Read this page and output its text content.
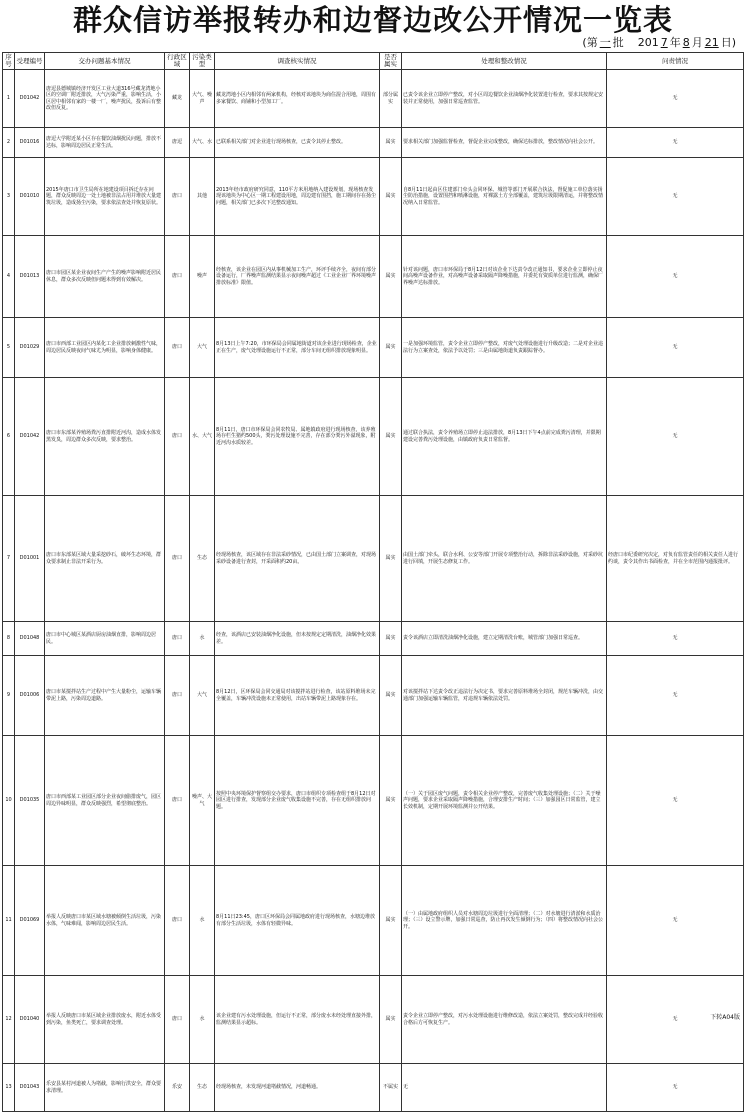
群众信访举报转办和边督边改公开情况一览表
(第 一 批 201 7 年 8 月 21 日)
序号	受理编号	交办问题基本情况	行政区域	污染类型	调查核实情况	是否属实	处理和整改情况	问责情况
1	D01042	唐逗县德城镇经济开发区工业大道316号藏龙湾地小区的空调厂附近排放，大气污染严重，影响生活，小区居中相邻有家的一楼一厂，噪声扰民，投诉后有整改但反复。	藏龙	大气、噪声	藏龙湾地小区内相邻有两家机构，经核对该地块为商住混合用地，周围有多家餐饮、商铺和小型加工厂。	部分属实	已责令该企业立即停产整改，对小区周边餐饮企业油烟净化装置进行检查，要求其按规定安装并正常使用，加强日常巡查监管。	无
2	D01016	唐逗大学附近某小区存在餐饮油烟扰民问题，排放不达标，影响周边居民正常生活。	唐逗	大气、水	已联系相关部门对企业进行现场核查，已责令其停止整改。	属实	要求相关部门加强监督检查，督促企业完成整改，确保达标排放，整改情况向社会公开。	无
3	D01010	2015年唐口市卫生局所在地建设项目拆迁存在问题，群众反映周边一处土地被非法占用并堆放大量建筑垃圾，造成扬尘污染，要求依法查处并恢复原状。	唐口	其他	2013年经市政府研究同意，110平方米用地纳入建设规划，现场核查发现该地块为中心区一期工程建设用地，周边建有围挡，施工期间存在扬尘问题，相关部门已多次下达整改通知。	属实	自8月11日起由区住建部门牵头会同环保、城管等部门开展联合执法，督促施工单位落实扬尘防治措施，设置围挡和喷淋设施，对裸露土方全部覆盖，建筑垃圾限期清运，并将整改情况纳入日常监管。	无
4	D01013	唐口市园区某企业夜间生产产生的噪声影响附近居民休息，群众多次反映但问题未得到有效解决。	唐口	噪声	经核查，该企业在园区内从事机械加工生产，环评手续齐全，夜间有部分设备运行，厂界噪声监测结果显示夜间噪声超过《工业企业厂界环境噪声排放标准》限值。	属实	针对该问题，唐口市环保局于8月12日对该企业下达责令改正通知书，要求企业立即停止夜间高噪声设备作业，对高噪声设备采取隔声降噪措施，并委托有资质单位进行监测，确保厂界噪声达标排放。	无
5	D01029	唐口市西部工业园区内某化工企业排放刺激性气味，周边居民反映夜间气味尤为明显，影响身体健康。	唐口	大气	8月13日上午7:20，市环保局会同属地街道对该企业进行现场检查，企业正在生产，废气处理设施运行不正常，部分车间无组织排放现象明显。	属实	一是加强环境监管，责令企业立即停产整改，对废气处理设施进行升级改造；二是对企业违法行为立案查处，依法予以处罚；三是由属地街道负责跟踪督办。	无
6	D01042	唐口市东部某养殖场粪污直排附近河沟，造成水体发黑发臭，周边群众多次反映，要求整治。	唐口	水、大气	8月11日，唐口市环保局会同农牧局、属地镇政府进行现场核查，该养殖场存栏生猪约500头，粪污处理设施不完善，存在部分粪污外溢现象，附近河沟水质较差。	属实	通过联合执法，责令养殖场立即停止违法排放，8月13日下午4点前完成粪污清理，并限期建设完善粪污处理设施，由镇政府负责日常监督。	无
7	D01001	唐口市东部某区域大量采挖砂石，破坏生态环境，群众要求制止非法开采行为。	唐口	生态	经现场核查，该区域存在非法采砂情况，已由国土部门立案调查，对现场采砂设备进行查封，开采面积约20亩。	属实	由国土部门牵头，联合水利、公安等部门开展专项整治行动，拆除非法采砂设施，对采砂坑进行回填，开展生态修复工作。	经唐口市纪委研究决定，对负有监管责任的相关责任人进行约谈，责令其作出书面检查，并在全市范围内通报批评。
8	D01048	唐口市中心城区某酒店厨房油烟直排，影响周边居民。	唐口	水	经查，该酒店已安装油烟净化设施，但未按规定定期清洗，油烟净化效果差。	属实	责令该酒店立即清洗油烟净化设施，建立定期清洗台账，城管部门加强日常巡查。	无
9	D01006	唐口市某搅拌站生产过程中产生大量粉尘，运输车辆带泥上路，污染周边道路。	唐口	大气	8月12日，区环保局会同交通局对该搅拌站进行检查，该站原料堆场未完全覆盖，车辆冲洗设施未正常使用，出站车辆带泥上路现象存在。	属实	对该搅拌站下达责令改正违法行为决定书，要求完善原料堆场全封闭，规范车辆冲洗，由交通部门加强运输车辆监管，对违规车辆依法处罚。	无
10	D01035	唐口市西部某工业园区部分企业夜间偷排废气，园区周边异味明显，群众反映强烈，希望彻底整治。	唐口	噪声、大气	按照中央环境保护督察组交办要求，唐口市组织专项检查组于8月12日对园区进行排查，发现部分企业废气收集设施不完善，存在无组织排放问题。	属实	（一）关于园区废气问题，责令相关企业停产整改，完善废气收集处理设施；（二）关于噪声问题，要求企业采取隔声降噪措施，合理安排生产时间；（三）加强园区日常监管，建立长效机制，定期开展环境监测并公开结果。	无
11	D01069	举报人反映唐口市某区域水塘被倾倒生活垃圾，污染水体，气味难闻，影响周边居民生活。	唐口	水	8月11日23:45，唐口区环保局会同属地政府进行现场核查，水塘边堆放有部分生活垃圾，水体有轻微异味。	属实	（一）由属地政府组织人员对水塘周边垃圾进行全面清理；（二）对水塘进行清淤和水质治理；（三）设立警示牌，加强日常巡查，防止再次发生倾倒行为；（四）将整改情况向社会公开。	无
12	D01040	举报人反映唐口市某区域企业排放废水，附近水体受到污染，鱼类死亡，要求调查处理。	唐口	水	该企业建有污水处理设施，但运行不正常，部分废水未经处理直接外排，监测结果显示超标。	属实	责令企业立即停产整改，对污水处理设施进行维修改造，依法立案处罚，整改完成并经验收合格后方可恢复生产。	无
13	D01043	乐安县某村河道被人为堵截，影响行洪安全，群众要求清理。	乐安	生态	经现场核查，未发现河道堵截情况，河道畅通。	不属实	无	无
下转A04版
